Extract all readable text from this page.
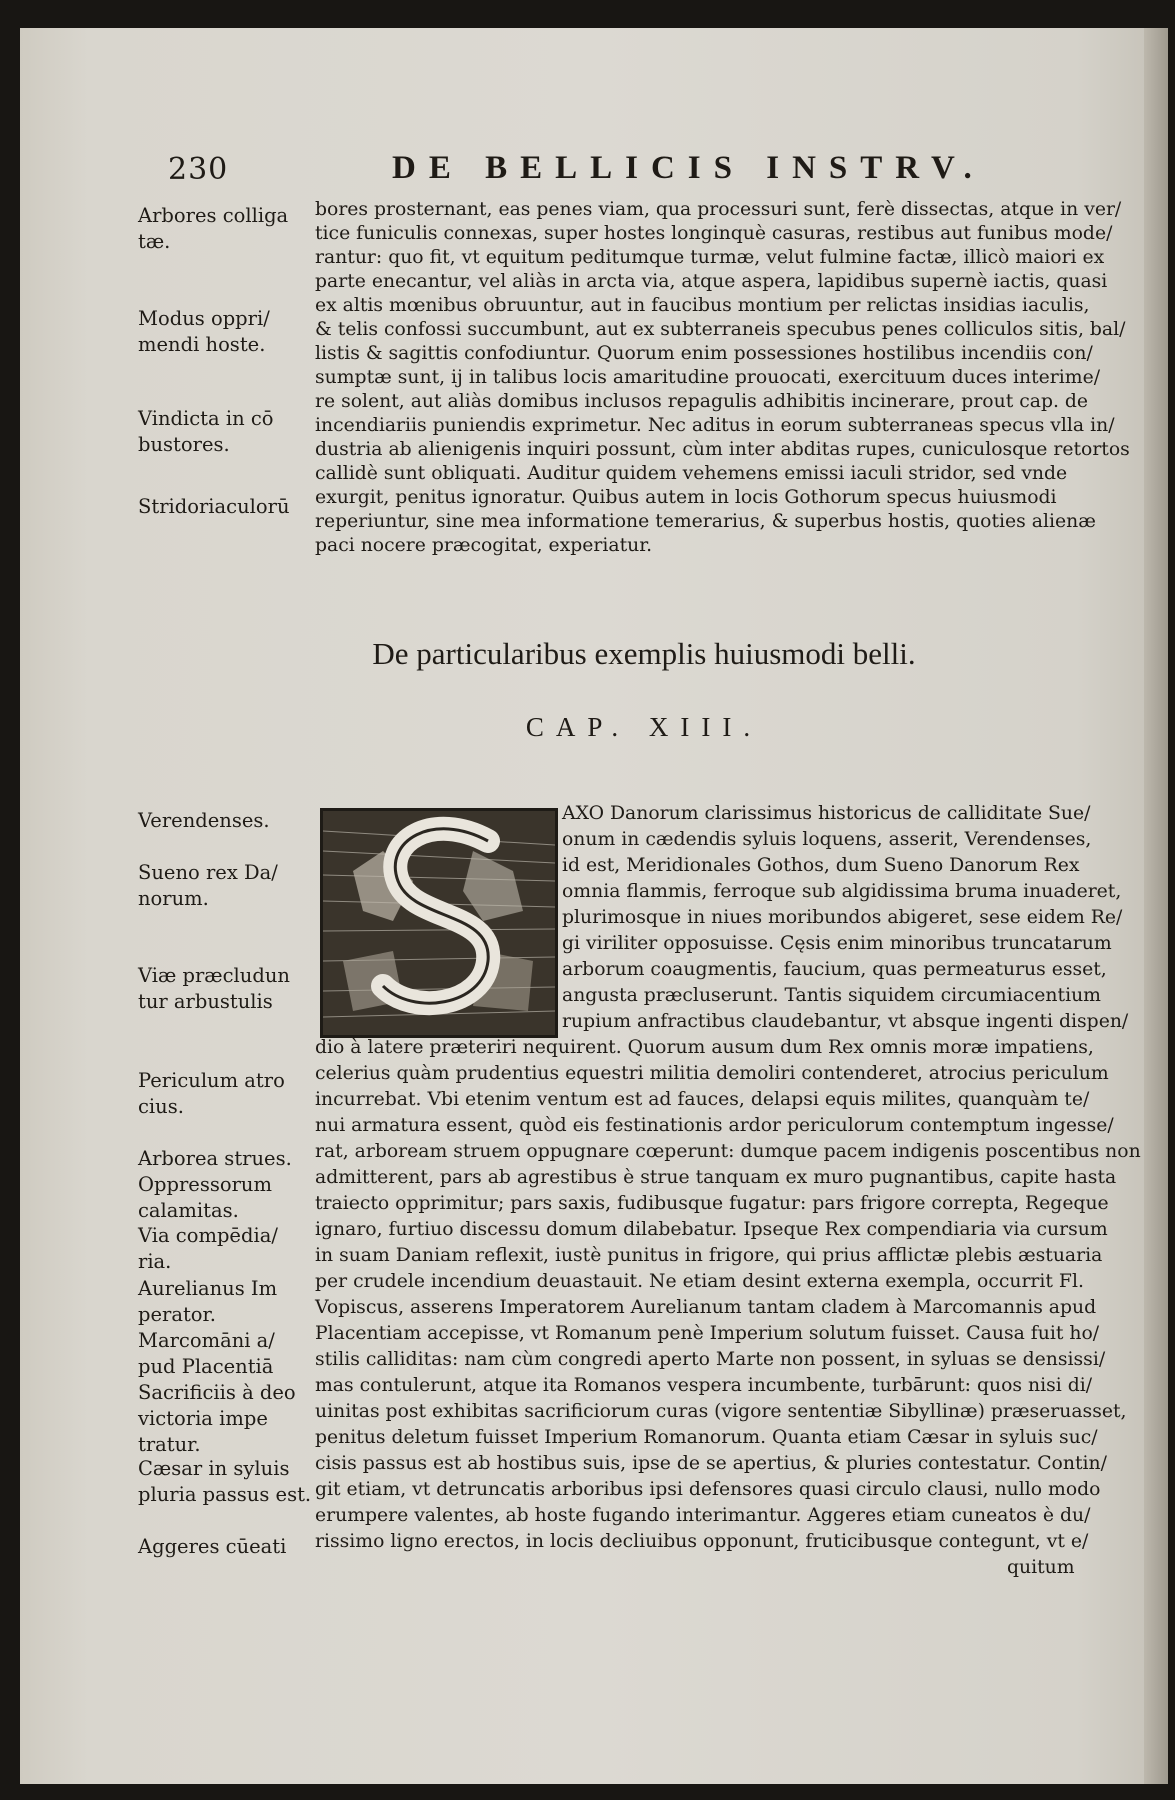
230	DE BELLICIS INSTRV.
Arbores colliga tæ.
Modus oppri/ mendi hoste.
Vindicta in cō bustores.
Stridoriaculorū
bores prosternant, eas penes viam, qua processuri sunt, ferè dissectas, atque in ver/
tice funiculis connexas, super hostes longinquè casuras, restibus aut funibus mode/
rantur: quo fit, vt equitum peditumque turmæ, velut fulmine factæ, illicò maiori ex
parte enecantur, vel aliàs in arcta via, atque aspera, lapidibus supernè iactis, quasi
ex altis mœnibus obruuntur, aut in faucibus montium per relictas insidias iaculis,
& telis confossi succumbunt, aut ex subterraneis specubus penes colliculos sitis, bal/
listis & sagittis confodiuntur. Quorum enim possessiones hostilibus incendiis con/
sumptæ sunt, ij in talibus locis amaritudine prouocati, exercituum duces interime/
re solent, aut aliàs domibus inclusos repagulis adhibitis incinerare, prout cap. de
incendiariis puniendis exprimetur. Nec aditus in eorum subterraneas specus vlla in/
dustria ab alienigenis inquiri possunt, cùm inter abditas rupes, cuniculosque retortos
callidè sunt obliquati. Auditur quidem vehemens emissi iaculi stridor, sed vnde
exurgit, penitus ignoratur. Quibus autem in locis Gothorum specus huiusmodi
reperiuntur, sine mea informatione temerarius, & superbus hostis, quoties alienæ
paci nocere præcogitat, experiatur.
De particularibus exemplis huiusmodi belli.
CAP. XIII.
Verendenses.
Sueno rex Da/ norum.
Viæ præcludun tur arbustulis
Periculum atro cius.
Arborea strues.
Oppressorum calamitas.
Via compēdia/ ria.
Aurelianus Im perator.
Marcomāni a/ pud Placentiā
Sacrificiis à deo victoria impe tratur.
Cæsar in syluis pluria passus est.
Aggeres cūeati
AXO Danorum clarissimus historicus de calliditate Sue/
onum in cædendis syluis loquens, asserit, Verendenses,
id est, Meridionales Gothos, dum Sueno Danorum Rex
omnia flammis, ferroque sub algidissima bruma inuaderet,
plurimosque in niues moribundos abigeret, sese eidem Re/
gi viriliter opposuisse. Cęsis enim minoribus truncatarum
arborum coaugmentis, faucium, quas permeaturus esset,
angusta præcluserunt. Tantis siquidem circumiacentium
rupium anfractibus claudebantur, vt absque ingenti dispen/
dio à latere præteriri nequirent. Quorum ausum dum Rex omnis moræ impatiens,
celerius quàm prudentius equestri militia demoliri contenderet, atrocius periculum
incurrebat. Vbi etenim ventum est ad fauces, delapsi equis milites, quanquàm te/
nui armatura essent, quòd eis festinationis ardor periculorum contemptum ingesse/
rat, arboream struem oppugnare cœperunt: dumque pacem indigenis poscentibus non
admitterent, pars ab agrestibus è strue tanquam ex muro pugnantibus, capite hasta
traiecto opprimitur; pars saxis, fudibusque fugatur: pars frigore correpta, Regeque
ignaro, furtiuo discessu domum dilabebatur. Ipseque Rex compendiaria via cursum
in suam Daniam reflexit, iustè punitus in frigore, qui prius afflictæ plebis æstuaria
per crudele incendium deuastauit. Ne etiam desint externa exempla, occurrit Fl.
Vopiscus, asserens Imperatorem Aurelianum tantam cladem à Marcomannis apud
Placentiam accepisse, vt Romanum penè Imperium solutum fuisset. Causa fuit ho/
stilis calliditas: nam cùm congredi aperto Marte non possent, in syluas se densissi/
mas contulerunt, atque ita Romanos vespera incumbente, turbārunt: quos nisi di/
uinitas post exhibitas sacrificiorum curas (vigore sententiæ Sibyllinæ) præseruasset,
penitus deletum fuisset Imperium Romanorum. Quanta etiam Cæsar in syluis suc/
cisis passus est ab hostibus suis, ipse de se apertius, & pluries contestatur. Contin/
git etiam, vt detruncatis arboribus ipsi defensores quasi circulo clausi, nullo modo
erumpere valentes, ab hoste fugando interimantur. Aggeres etiam cuneatos è du/
rissimo ligno erectos, in locis decliuibus opponunt, fruticibusque contegunt, vt e/
quitum
